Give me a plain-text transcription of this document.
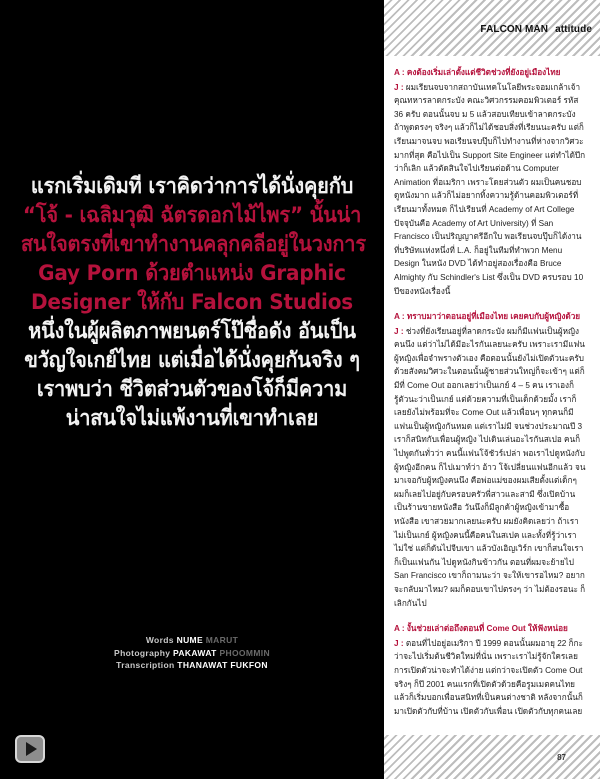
แรกเริ่มเดิมที เราคิดว่าการได้นั่งคุยกับ
“โจ้ - เฉลิมวุฒิ ฉัตรดอกไม้ไพร” นั้นน่า
สนใจตรงที่เขาทำงานคลุกคลีอยู่ในวงการ
Gay Porn ด้วยตำแหน่ง Graphic
Designer ให้กับ Falcon Studios
หนึ่งในผู้ผลิตภาพยนตร์โป๊ชื่อดัง อันเป็น
ขวัญใจเกย์ไทย แต่เมื่อได้นั่งคุยกันจริง ๆ
เราพบว่า ชีวิตส่วนตัวของโจ้ก็มีความ
น่าสนใจไม่แพ้งานที่เขาทำเลย
Words NUME MARUT
Photography PAKAWAT PHOOMMIN
Transcription THANAWAT FUKFON
FALCON MAN attitude
A : คงต้องเริ่มเล่าตั้งแต่ชีวิตช่วงที่ยังอยู่เมืองไทย
J : ผมเรียนจบจากสถาบันเทคโนโลยีพระจอมเกล้าเจ้าคุณทหารลาดกระบัง คณะวิศวกรรมคอมพิวเตอร์ รหัส 36 ครับ ตอนนั้นจบ ม 5 แล้วสอบเทียบเข้าลาดกระบัง ถ้าพูดตรงๆ จริงๆ แล้วก็ไม่ได้ชอบสิ่งที่เรียนนะครับ แต่ก็เรียนมาจนจบ พอเรียนจบปุ๊บก็ไปทำงานที่ห่างจากวิศวะมากที่สุด คือไปเป็น Support Site Engineer แต่ทำได้ปีกว่าก็เลิก แล้วตัดสินใจไปเรียนต่อด้าน Computer Animation ที่อเมริกา เพราะโดยส่วนตัว ผมเป็นคนชอบดูหนังมาก แล้วก็ไม่อยากทิ้งความรู้ด้านคอมพิวเตอร์ที่เรียนมาทั้งหมด ก็ไปเรียนที่ Academy of Art College ปัจจุบันคือ Academy of Art University) ที่ San Francisco เป็นปริญญาตรีอีกใบ พอเรียนจบปุ๊บก็ได้งานที่บริษัทแห่งหนึ่งที่ L.A. ก็อยู่ในทีมที่ทำพวก Menu Design ในหนัง DVD ได้ทำอยู่สองเรื่องคือ Bruce Almighty กับ Schindler's List ซึ่งเป็น DVD ครบรอบ 10 ปีของหนังเรื่องนี้
A : ทราบมาว่าตอนอยู่ที่เมืองไทย เคยคบกับผู้หญิงด้วย
J : ช่วงที่ยังเรียนอยู่ที่ลาดกระบัง ผมก็มีแฟนเป็นผู้หญิงคนนึง แต่ว่าไม่ได้มีอะไรกันเลยนะครับ เพราะเรามีแฟนผู้หญิงเพื่อจำพรางตัวเอง คือตอนนั้นยังไม่เปิดตัวนะครับ ด้วยสังคมวิศวะในตอนนั้นผู้ชายส่วนใหญ่ก็จะเข้าๆ แต่ก็มีที่ Come Out ออกเลยว่าเป็นเกย์ 4 – 5 คน เราเองก็รู้ตัวนะว่าเป็นเกย์ แต่ด้วยความที่เป็นเด็กด้วยมั้ง เราก็เลยยังไม่พร้อมที่จะ Come Out แล้วเพื่อนๆ ทุกคนก็มีแฟนเป็นผู้หญิงกันหมด แต่เราไม่มี จนช่วงประมาณปี 3 เราก็สนิทกับเพื่อนผู้หญิง ไปเดินเล่นอะไรกันสเปอ คนก็ไปพูดกันทั่วว่า คนนี้แฟนโจ้ชัวร์เปล่า พอเราไปดูหนังกับผู้หญิงอีกคน ก็ไปเมาท์ว่า อ้าว โจ้เปลี่ยนแฟนอีกแล้ว จนมาเจอกับผู้หญิงคนนึง คือพ่อแม่ของผมเสียตั้งแต่เด็กๆ ผมก็เลยไปอยู่กับครอบครัวพี่สาวและสามี ซึ่งเปิดบ้านเป็นร้านขายหนังสือ วันนึงก็มีลูกค้าผู้หญิงเข้ามาซื้อหนังสือ เขาสวยมากเลยนะครับ ผมยังคิดเลยว่า ถ้าเราไม่เป็นเกย์ ผู้หญิงคนนี้คือคนในสเปค และทั้งที่รู้ว่าเราไม่ใช่ แต่ก็ดันไปจีบเขา แล้วบังเอิญเวิร์ก เขาก็สนใจเรา ก็เป็นแฟนกัน ไปดูหนังกินข้าวกัน ตอนที่ผมจะย้ายไป San Francisco เขาก็ถามนะว่า จะให้เขารอไหม? อยากจะกลับมาไหม? ผมก็ตอบเขาไปตรงๆ ว่า ไม่ต้องรอนะ ก็เลิกกันไป
A : งั้นช่วยเล่าต่อถึงตอนที่ Come Out ให้ฟังหน่อย
J : ตอนที่ไปอยู่อเมริกา ปี 1999 ตอนนั้นผมอายุ 22 ก็กะว่าจะไปเริ่มต้นชีวิตใหม่ที่นั่น เพราะเราไม่รู้จักใครเลย การเปิดตัวน่าจะทำได้ง่าย แต่กว่าจะเปิดตัว Come Out จริงๆ ก็ปี 2001 คนแรกที่เปิดตัวด้วยคือรูมเมตคนไทย แล้วก็เริ่มบอกเพื่อนสนิทที่เป็นคนต่างชาติ หลังจากนั้นก็มาเปิดตัวกับที่บ้าน เปิดตัวกับเพื่อน เปิดตัวกับทุกคนเลย
87
